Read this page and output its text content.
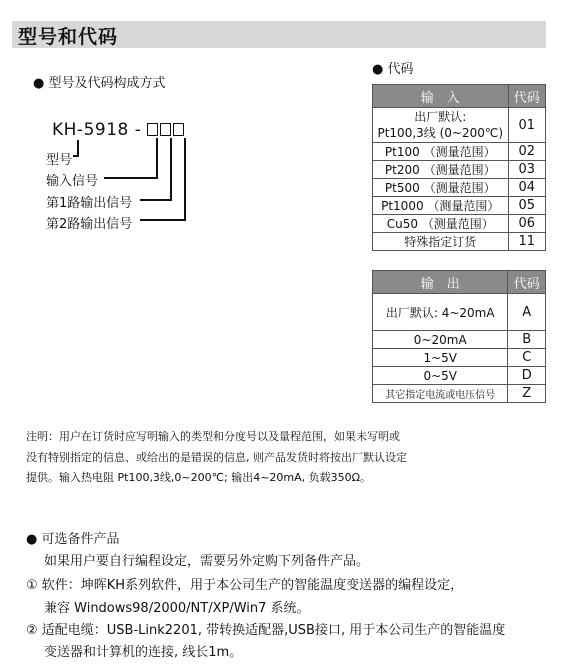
型号和代码
● 型号及代码构成方式
KH-5918 -
型号
输入信号
第1路输出信号
第2路输出信号
● 代码
输　入	代码
出厂默认:
Pt100,3线 (0~200℃)	01
Pt100 （测量范围）	02
Pt200 （测量范围）	03
Pt500 （测量范围）	04
Pt1000 （测量范围）	05
Cu50 （测量范围）	06
特殊指定订货	11
输　出	代码
出厂默认: 4~20mA	A
0~20mA	B
1~5V	C
0~5V	D
其它指定电流或电压信号	Z
注明：用户在订货时应写明输入的类型和分度号以及量程范围，如果未写明或
没有特别指定的信息、或给出的是错误的信息, 则产品发货时将按出厂默认设定
提供。输入热电阻 Pt100,3线,0~200℃; 输出4~20mA, 负载350Ω。
● 可选备件产品
如果用户要自行编程设定，需要另外定购下列备件产品。
① 软件：坤晖KH系列软件，用于本公司生产的智能温度变送器的编程设定，
兼容 Windows98/2000/NT/XP/Win7 系统。
② 适配电缆：USB-Link2201, 带转换适配器,USB接口, 用于本公司生产的智能温度
变送器和计算机的连接, 线长1m。
